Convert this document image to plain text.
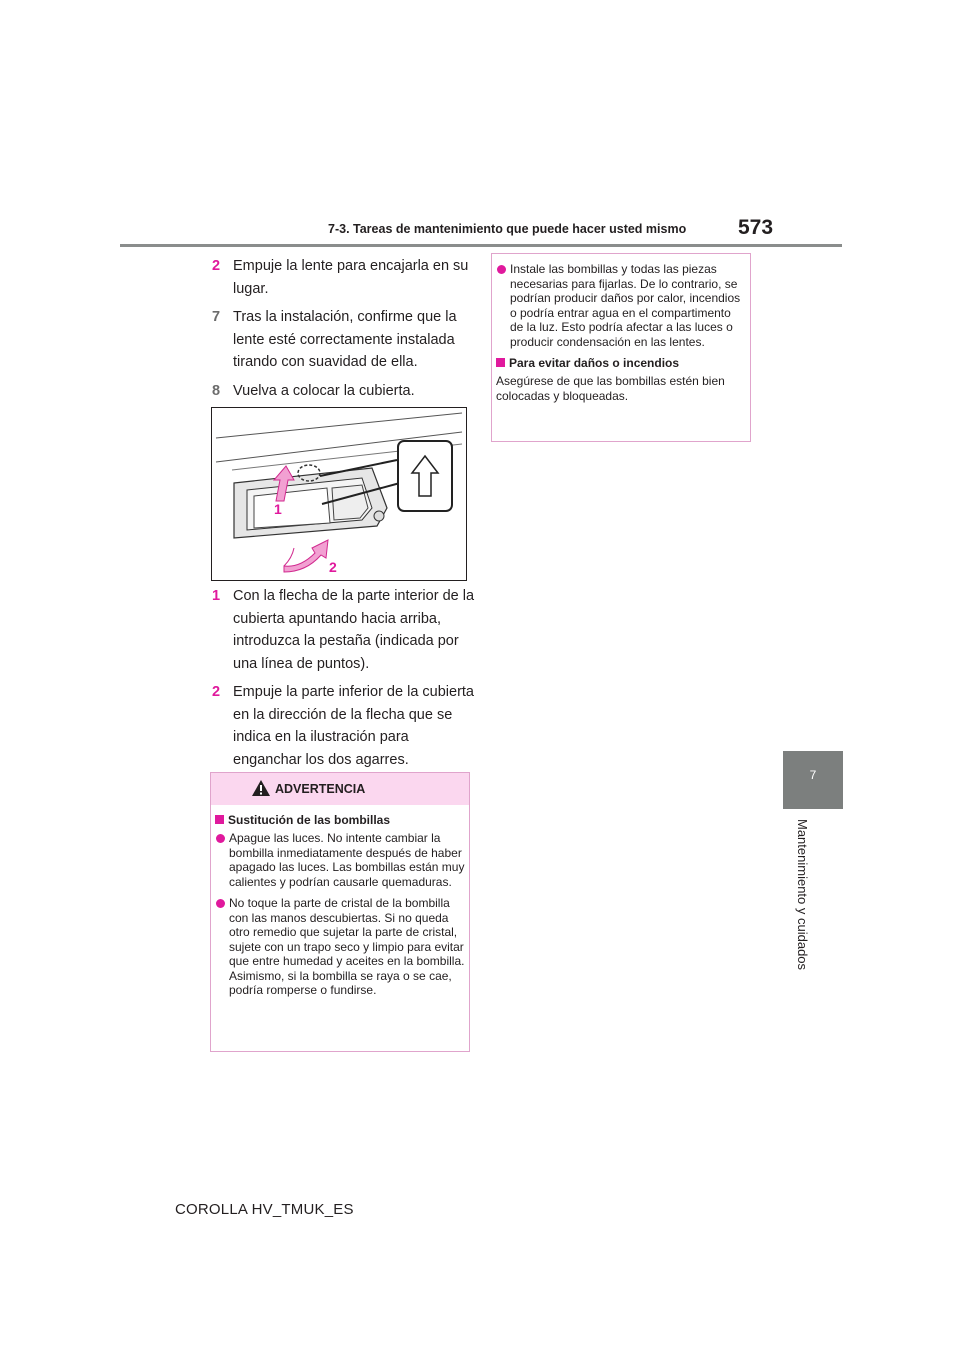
7-3. Tareas de mantenimiento que puede hacer usted mismo 573
7
Mantenimiento y cuidados
2 Empuje la lente para encajarla en su lugar.
7 Tras la instalación, confirme que la lente esté correctamente instalada tirando con suavidad de ella.
8 Vuelva a colocar la cubierta.
1
2
1 Con la flecha de la parte interior de la cubierta apuntando hacia arriba, introduzca la pestaña (indicada por una línea de puntos).
2 Empuje la parte inferior de la cubierta en la dirección de la flecha que se indica en la ilustración para enganchar los dos agarres.
ADVERTENCIA
Sustitución de las bombillas
Apague las luces. No intente cambiar la bombilla inmediatamente después de haber apagado las luces. Las bombillas están muy calientes y podrían causarle quemaduras.
No toque la parte de cristal de la bombilla con las manos descubiertas. Si no queda otro remedio que sujetar la parte de cristal, sujete con un trapo seco y limpio para evitar que entre humedad y aceites en la bombilla. Asimismo, si la bombilla se raya o se cae, podría romperse o fundirse.
Instale las bombillas y todas las piezas necesarias para fijarlas. De lo contrario, se podrían producir daños por calor, incendios o podría entrar agua en el compartimento de la luz. Esto podría afectar a las luces o producir condensación en las lentes.
Para evitar daños o incendios
Asegúrese de que las bombillas estén bien colocadas y bloqueadas.
COROLLA HV_TMUK_ES
